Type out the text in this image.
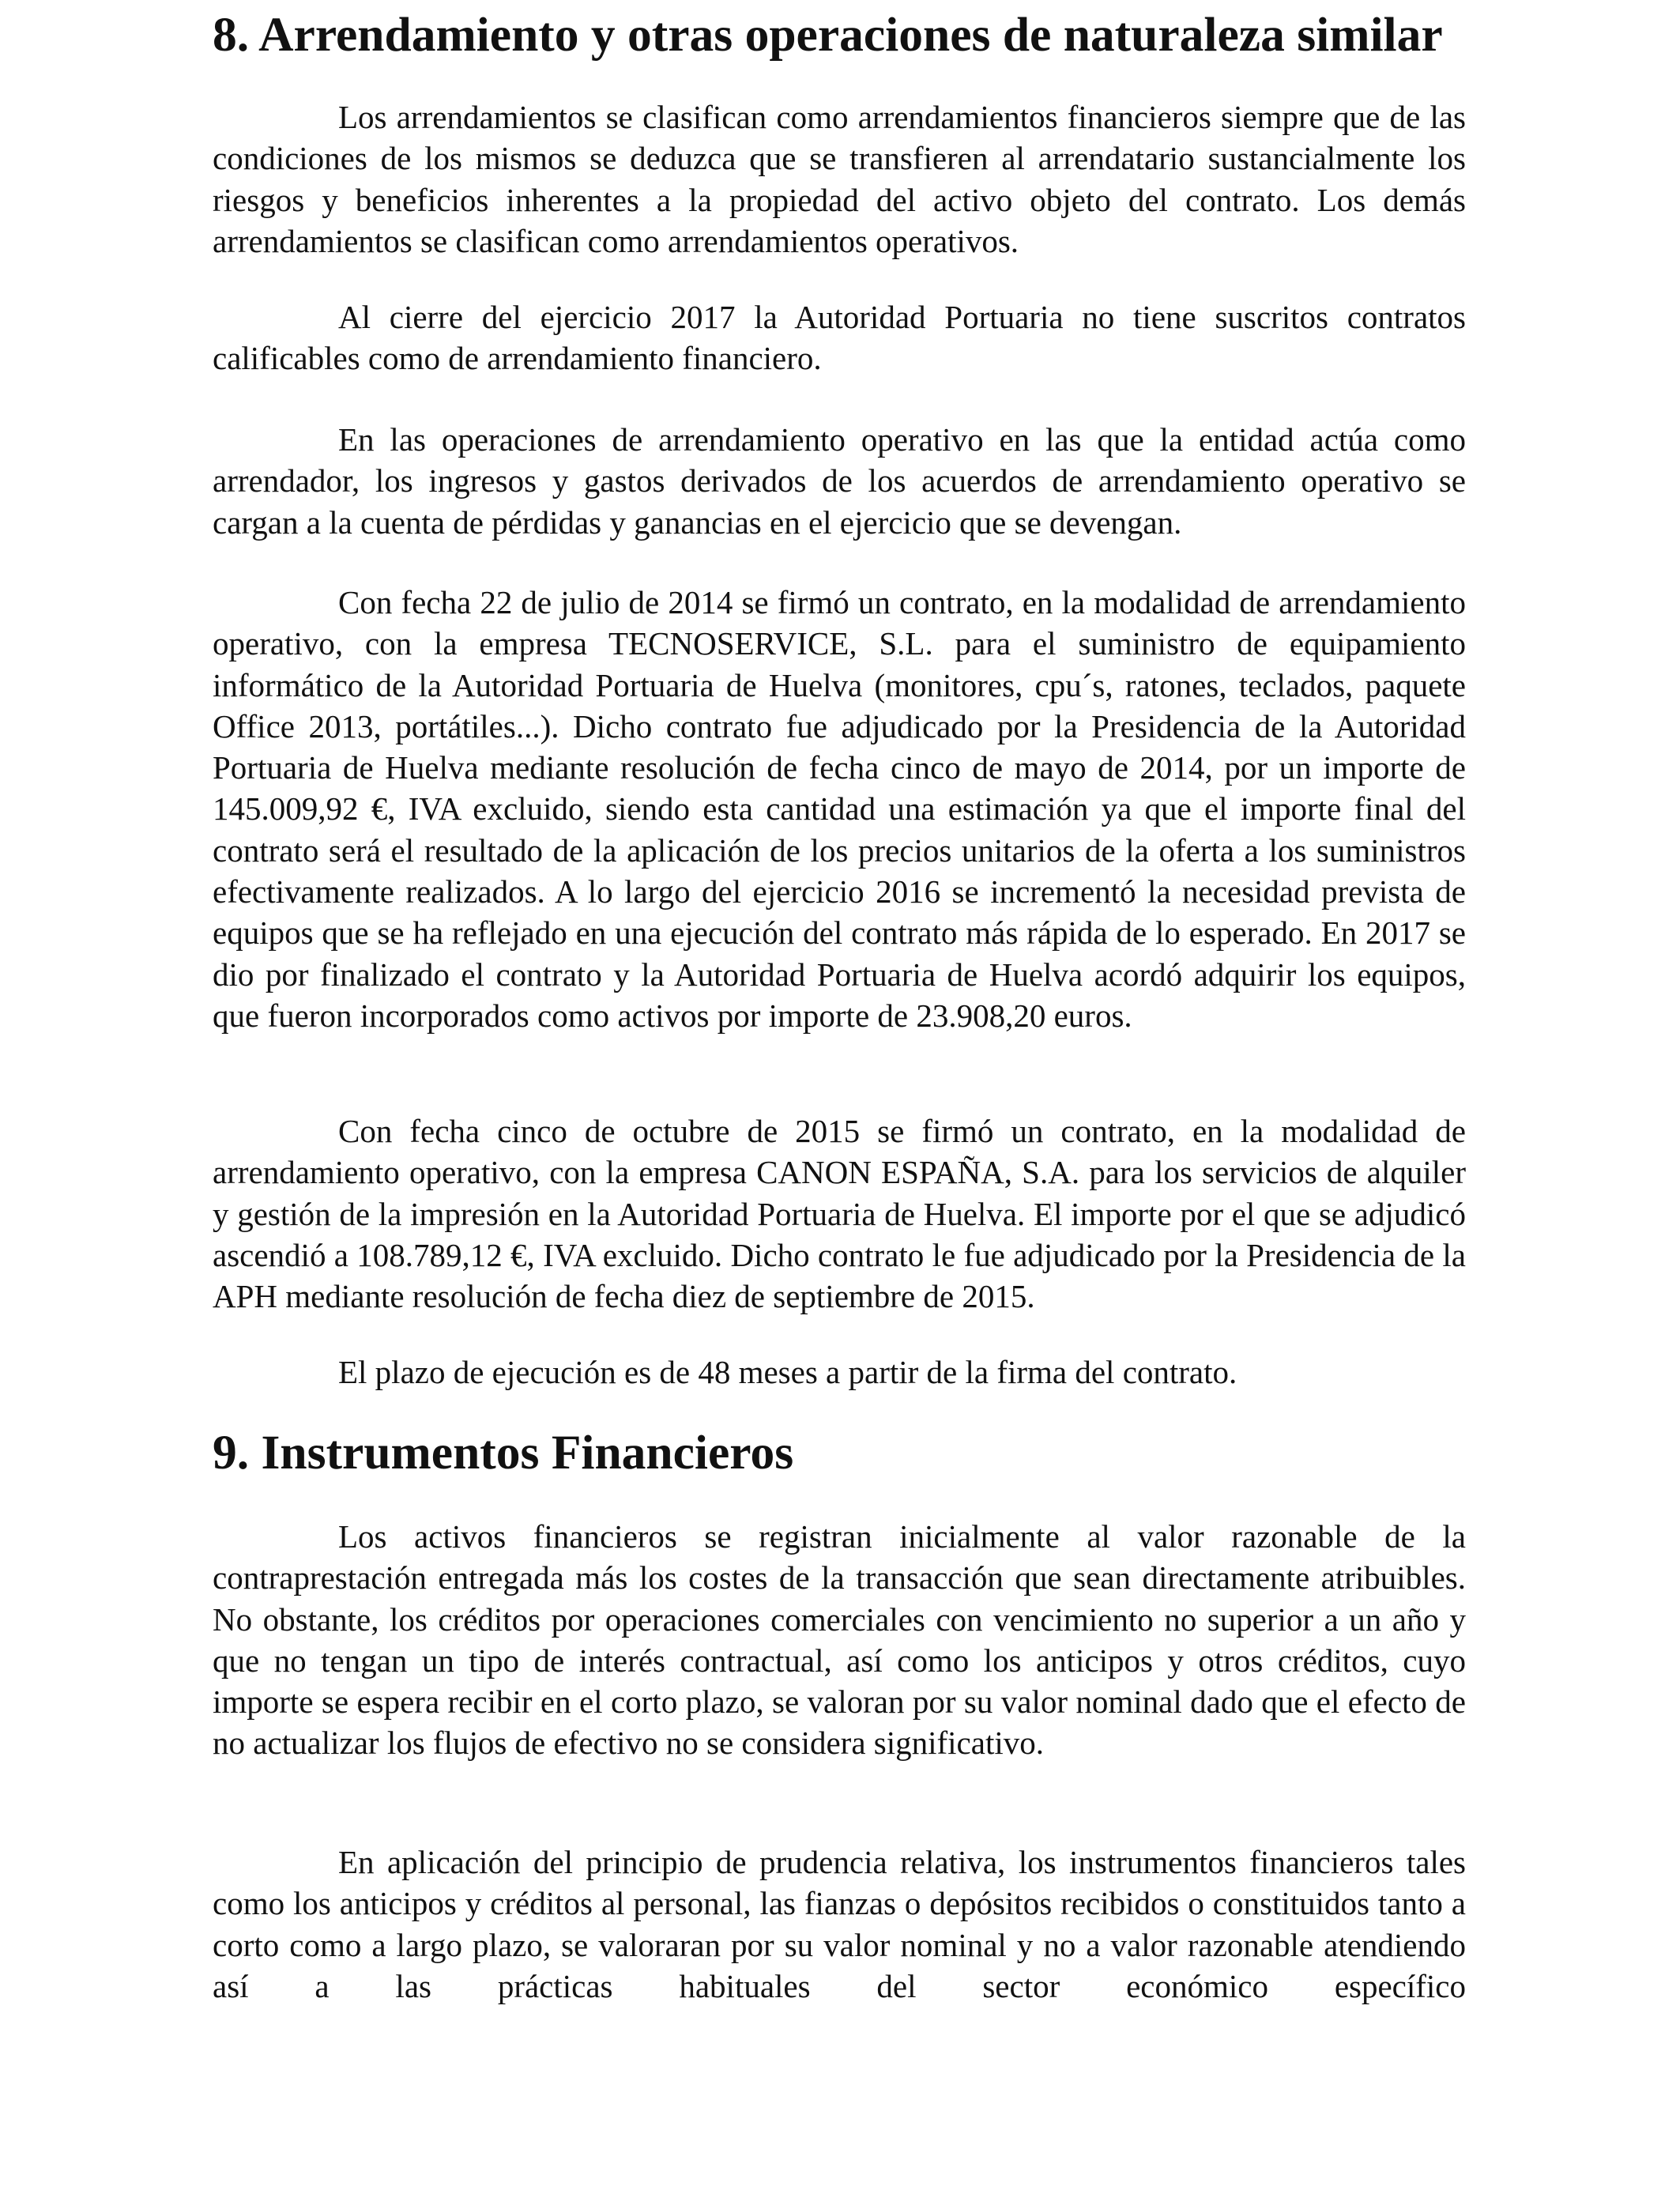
8. Arrendamiento y otras operaciones de naturaleza similar

Los arrendamientos se clasifican como arrendamientos financieros siempre que de las condiciones de los mismos se deduzca que se transfieren al arrendatario sustancialmente los riesgos y beneficios inherentes a la propiedad del activo objeto del contrato. Los demás arrendamientos se clasifican como arrendamientos operativos.

Al cierre del ejercicio 2017 la Autoridad Portuaria no tiene suscritos contratos calificables como de arrendamiento financiero.

En las operaciones de arrendamiento operativo en las que la entidad actúa como arrendador, los ingresos y gastos derivados de los acuerdos de arrendamiento operativo se cargan a la cuenta de pérdidas y ganancias en el ejercicio que se devengan.

Con fecha 22 de julio de 2014 se firmó un contrato, en la modalidad de arrendamiento operativo, con la empresa TECNOSERVICE, S.L. para el suministro de equipamiento informático de la Autoridad Portuaria de Huelva (monitores, cpu´s, ratones, teclados, paquete Office 2013, portátiles...). Dicho contrato fue adjudicado por la Presidencia de la Autoridad Portuaria de Huelva mediante resolución de fecha cinco de mayo de 2014, por un importe de 145.009,92 €, IVA excluido, siendo esta cantidad una estimación ya que el importe final del contrato será el resultado de la aplicación de los precios unitarios de la oferta a los suministros efectivamente realizados. A lo largo del ejercicio 2016 se incrementó la necesidad prevista de equipos que se ha reflejado en una ejecución del contrato más rápida de lo esperado. En 2017 se dio por finalizado el contrato y la Autoridad Portuaria de Huelva acordó adquirir los equipos, que fueron incorporados como activos por importe de 23.908,20 euros.

Con fecha cinco de octubre de 2015 se firmó un contrato, en la modalidad de arrendamiento operativo, con la empresa CANON ESPAÑA, S.A. para los servicios de alquiler y gestión de la impresión en la Autoridad Portuaria de Huelva. El importe por el que se adjudicó ascendió a 108.789,12 €, IVA excluido. Dicho contrato le fue adjudicado por la Presidencia de la APH mediante resolución de fecha diez de septiembre de 2015.

El plazo de ejecución es de 48 meses a partir de la firma del contrato.

9. Instrumentos Financieros

Los activos financieros se registran inicialmente al valor razonable de la contraprestación entregada más los costes de la transacción que sean directamente atribuibles. No obstante, los créditos por operaciones comerciales con vencimiento no superior a un año y que no tengan un tipo de interés contractual, así como los anticipos y otros créditos, cuyo importe se espera recibir en el corto plazo, se valoran por su valor nominal dado que el efecto de no actualizar los flujos de efectivo no se considera significativo.

En aplicación del principio de prudencia relativa, los instrumentos financieros tales como los anticipos y créditos al personal, las fianzas o depósitos recibidos o constituidos tanto a corto como a largo plazo, se valoraran por su valor nominal y no a valor razonable atendiendo así a las prácticas habituales del sector económico específico
